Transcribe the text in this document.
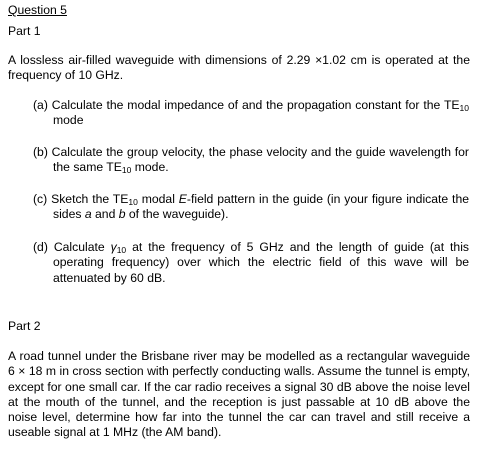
Question 5
Part 1
A lossless air-filled waveguide with dimensions of 2.29 ×1.02 cm is operated at the frequency of 10 GHz.
(a) Calculate the modal impedance of and the propagation constant for the $TE_{10}$ mode
(b) Calculate the group velocity, the phase velocity and the guide wavelength for the same $TE_{10}$ mode.
(c) Sketch the $TE_{10}$ modal E-field pattern in the guide (in your figure indicate the sides a and b of the waveguide).
(d) Calculate $\gamma_{10}$ at the frequency of 5 GHz and the length of guide (at this operating frequency) over which the electric field of this wave will be attenuated by 60 dB.
Part 2
A road tunnel under the Brisbane river may be modelled as a rectangular waveguide 6 × 18 m in cross section with perfectly conducting walls. Assume the tunnel is empty, except for one small car. If the car radio receives a signal 30 dB above the noise level at the mouth of the tunnel, and the reception is just passable at 10 dB above the noise level, determine how far into the tunnel the car can travel and still receive a useable signal at 1 MHz (the AM band).
